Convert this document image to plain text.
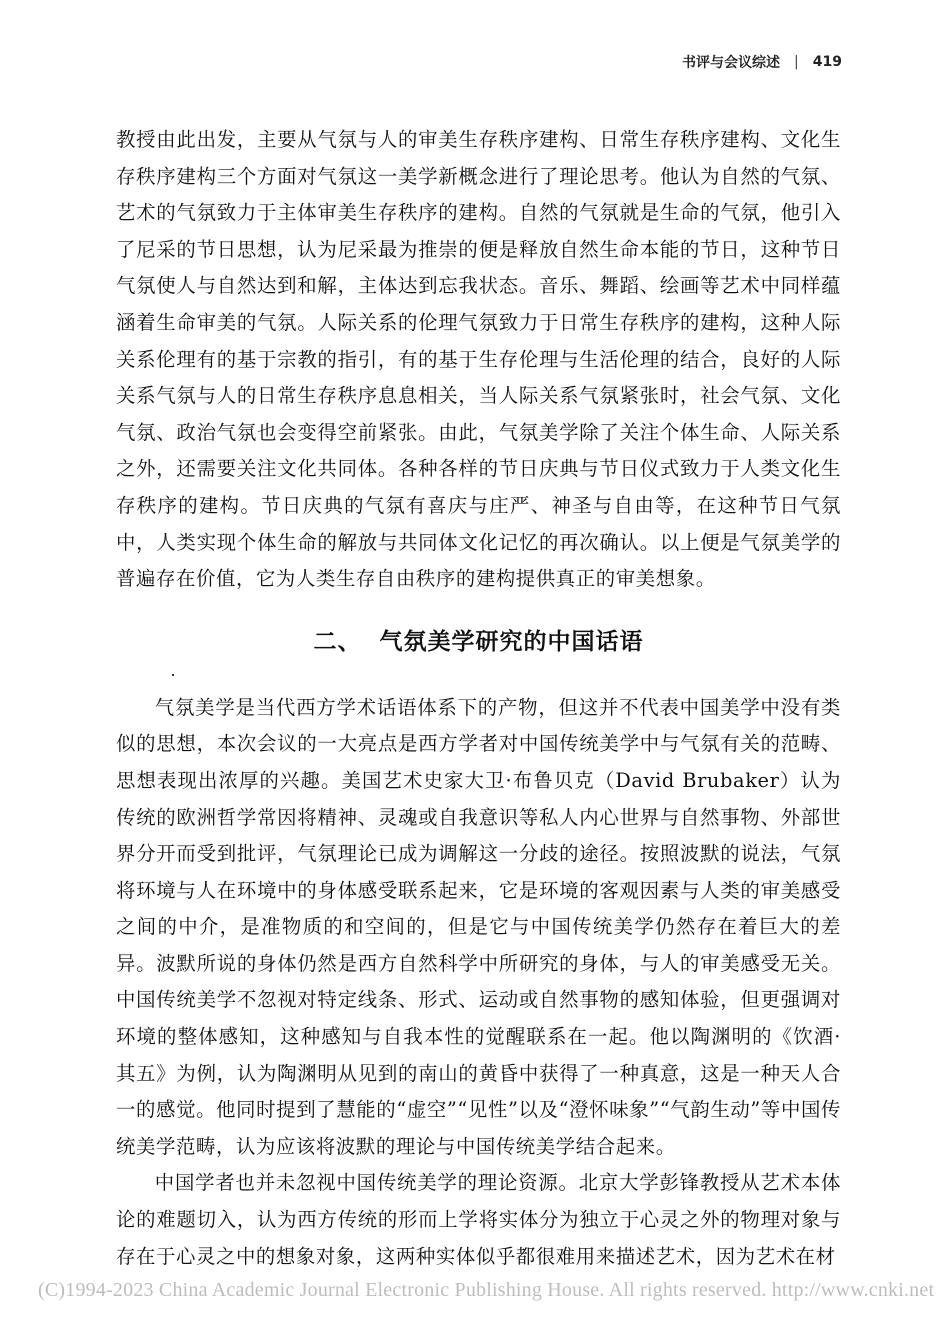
书评与会议综述 | 419

教授由此出发，主要从气氛与人的审美生存秩序建构、日常生存秩序建构、文化生存秩序建构三个方面对气氛这一美学新概念进行了理论思考。他认为自然的气氛、艺术的气氛致力于主体审美生存秩序的建构。自然的气氛就是生命的气氛，他引入了尼采的节日思想，认为尼采最为推崇的便是释放自然生命本能的节日，这种节日气氛使人与自然达到和解，主体达到忘我状态。音乐、舞蹈、绘画等艺术中同样蕴涵着生命审美的气氛。人际关系的伦理气氛致力于日常生存秩序的建构，这种人际关系伦理有的基于宗教的指引，有的基于生存伦理与生活伦理的结合，良好的人际关系气氛与人的日常生存秩序息息相关，当人际关系气氛紧张时，社会气氛、文化气氛、政治气氛也会变得空前紧张。由此，气氛美学除了关注个体生命、人际关系之外，还需要关注文化共同体。各种各样的节日庆典与节日仪式致力于人类文化生存秩序的建构。节日庆典的气氛有喜庆与庄严、神圣与自由等，在这种节日气氛中，人类实现个体生命的解放与共同体文化记忆的再次确认。以上便是气氛美学的普遍存在价值，它为人类生存自由秩序的建构提供真正的审美想象。

二、 气氛美学研究的中国话语

气氛美学是当代西方学术话语体系下的产物，但这并不代表中国美学中没有类似的思想，本次会议的一大亮点是西方学者对中国传统美学中与气氛有关的范畴、思想表现出浓厚的兴趣。美国艺术史家大卫·布鲁贝克（David Brubaker）认为传统的欧洲哲学常因将精神、灵魂或自我意识等私人内心世界与自然事物、外部世界分开而受到批评，气氛理论已成为调解这一分歧的途径。按照波默的说法，气氛将环境与人在环境中的身体感受联系起来，它是环境的客观因素与人类的审美感受之间的中介，是准物质的和空间的，但是它与中国传统美学仍然存在着巨大的差异。波默所说的身体仍然是西方自然科学中所研究的身体，与人的审美感受无关。中国传统美学不忽视对特定线条、形式、运动或自然事物的感知体验，但更强调对环境的整体感知，这种感知与自我本性的觉醒联系在一起。他以陶渊明的《饮酒·其五》为例，认为陶渊明从见到的南山的黄昏中获得了一种真意，这是一种天人合一的感觉。他同时提到了慧能的“虚空”“见性”以及“澄怀味象”“气韵生动”等中国传统美学范畴，认为应该将波默的理论与中国传统美学结合起来。

中国学者也并未忽视中国传统美学的理论资源。北京大学彭锋教授从艺术本体论的难题切入，认为西方传统的形而上学将实体分为独立于心灵之外的物理对象与存在于心灵之中的想象对象，这两种实体似乎都很难用来描述艺术，因为艺术在材

(C)1994-2023 China Academic Journal Electronic Publishing House. All rights reserved. http://www.cnki.net
